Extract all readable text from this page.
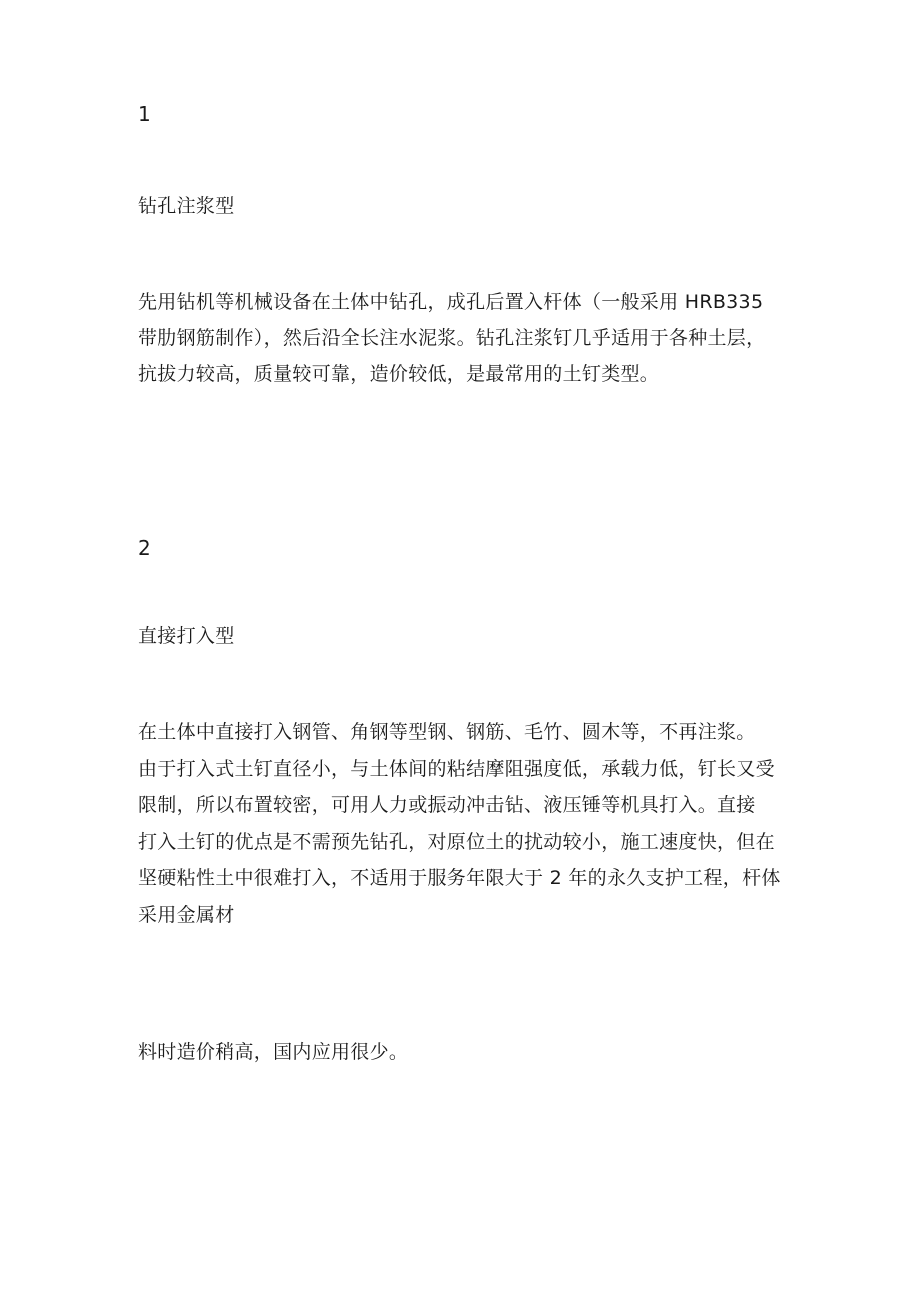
1
钻孔注浆型
先用钻机等机械设备在土体中钻孔，成孔后置入杆体（一般采用 HRB335
带肋钢筋制作），然后沿全长注水泥浆。钻孔注浆钉几乎适用于各种土层，
抗拔力较高，质量较可靠，造价较低，是最常用的土钉类型。
2
直接打入型
在土体中直接打入钢管、角钢等型钢、钢筋、毛竹、圆木等，不再注浆。
由于打入式土钉直径小，与土体间的粘结摩阻强度低，承载力低，钉长又受
限制，所以布置较密，可用人力或振动冲击钻、液压锤等机具打入。直接
打入土钉的优点是不需预先钻孔，对原位土的扰动较小，施工速度快，但在
坚硬粘性土中很难打入，不适用于服务年限大于 2 年的永久支护工程，杆体
采用金属材
料时造价稍高，国内应用很少。
